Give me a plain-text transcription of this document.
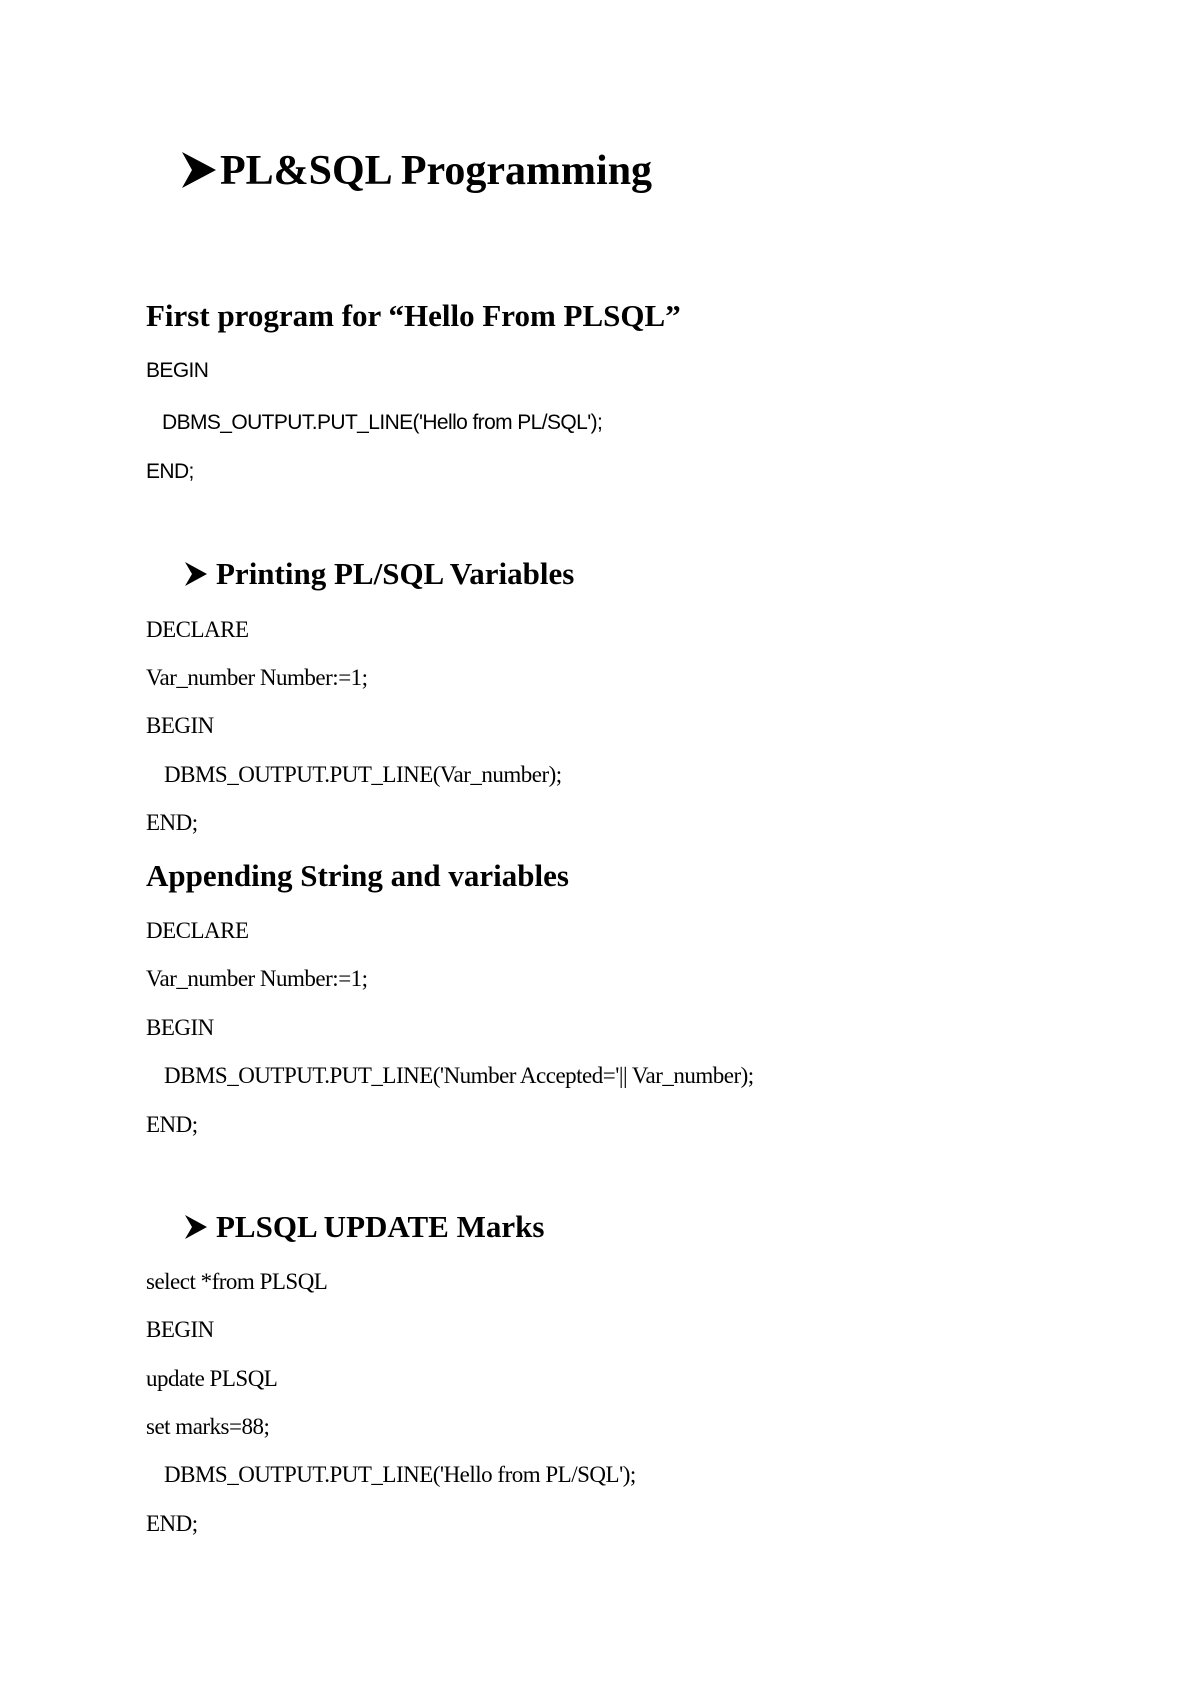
PL&SQL Programming
First program for “Hello From PLSQL”
BEGIN
DBMS_OUTPUT.PUT_LINE('Hello from PL/SQL');
END;
Printing PL/SQL Variables
DECLARE
Var_number Number:=1;
BEGIN
DBMS_OUTPUT.PUT_LINE(Var_number);
END;
Appending String and variables
DECLARE
Var_number Number:=1;
BEGIN
DBMS_OUTPUT.PUT_LINE('Number Accepted='|| Var_number);
END;
PLSQL UPDATE Marks
select *from PLSQL
BEGIN
update PLSQL
set marks=88;
DBMS_OUTPUT.PUT_LINE('Hello from PL/SQL');
END;
